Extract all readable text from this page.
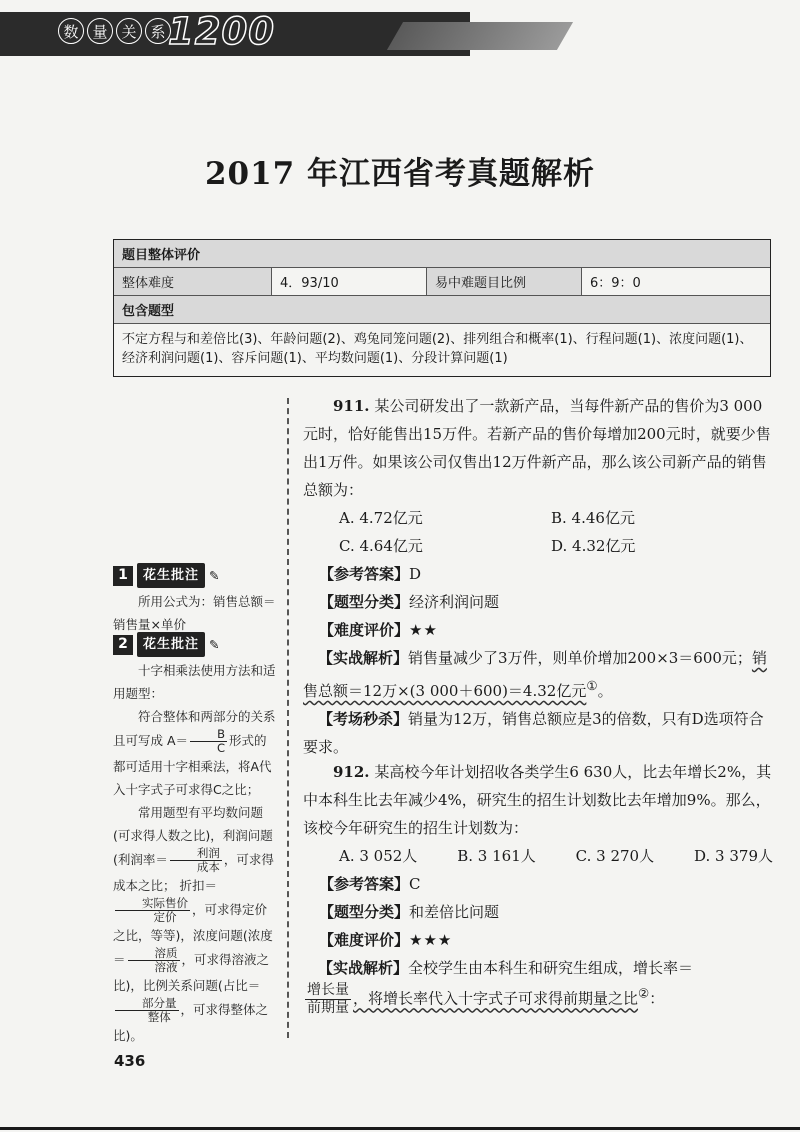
数 量 关 系 1200
2017 年江西省考真题解析
题目整体评价
整体难度	4．93/10	易中难题目比例	6：9：0
包含题型
不定方程与和差倍比(3)、年龄问题(2)、鸡兔同笼问题(2)、排列组合和概率(1)、行程问题(1)、浓度问题(1)、经济利润问题(1)、容斥问题(1)、平均数问题(1)、分段计算问题(1)
1	花生批注 ✎
所用公式为：销售总额＝销售量×单价
2	花生批注 ✎
十字相乘法使用方法和适用题型：
符合整体和两部分的关系且可写成 $A= \frac{B}{C}$ 形式的都可适用十字相乘法，将A代入十字式子可求得C之比；
常用题型有平均数问题(可求得人数之比)，利润问题(利润率＝ $\frac{\text{利润}}{\text{成本}}$ ，可求得成本之比； 折扣＝
$\frac{\text{实际售价}}{\text{定价}}$ ，可求得定价之比，等等)，浓度问题(浓度＝ $\frac{\text{溶质}}{\text{溶液}}$ ，可求得溶液之比)，比例关系问题(占比＝
$\frac{\text{部分量}}{\text{整体}}$ ，可求得整体之比)。

911. 某公司研发出了一款新产品，当每件新产品的售价为3 000元时，恰好能售出15万件。若新产品的售价每增加200元时，就要少售出1万件。如果该公司仅售出12万件新产品，那么该公司新产品的销售总额为：

A. 4.72亿元	B. 4.46亿元
C. 4.64亿元	D. 4.32亿元

【参考答案】D

【题型分类】经济利润问题

【难度评价】★★

【实战解析】销售量减少了3万件，则单价增加200×3＝600元；销售总额＝12万×(3 000＋600)＝4.32亿元①。

【考场秒杀】销量为12万，销售总额应是3的倍数，只有D选项符合要求。

912. 某高校今年计划招收各类学生6 630人，比去年增长2%，其中本科生比去年减少4%，研究生的招生计划数比去年增加9%。那么，该校今年研究生的招生计划数为：

A. 3 052人	B. 3 161人	C. 3 270人	D. 3 379人

【参考答案】C

【题型分类】和差倍比问题

【难度评价】★★★

【实战解析】全校学生由本科生和研究生组成，增长率＝

$\frac{\text{增长量}}{\text{前期量}}$ ，将增长率代入十字式子可求得前期量之比②：

436
